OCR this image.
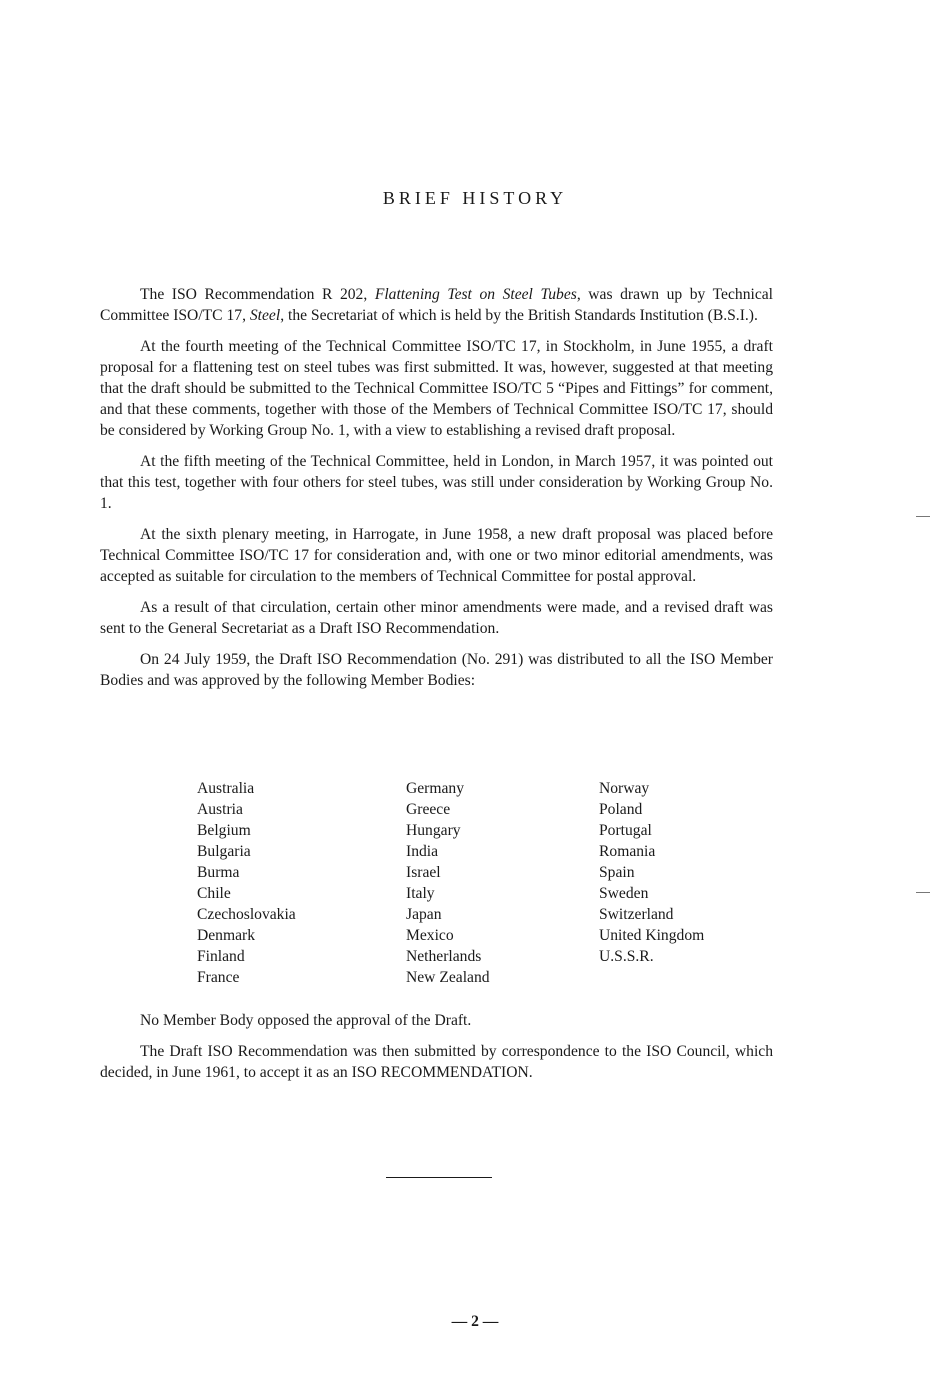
BRIEF HISTORY

The ISO Recommendation R 202, Flattening Test on Steel Tubes, was drawn up by Technical Committee ISO/TC 17, Steel, the Secretariat of which is held by the British Standards Institution (B.S.I.).

At the fourth meeting of the Technical Committee ISO/TC 17, in Stockholm, in June 1955, a draft proposal for a flattening test on steel tubes was first submitted. It was, however, suggested at that meeting that the draft should be submitted to the Technical Committee ISO/TC 5 “Pipes and Fittings” for comment, and that these comments, together with those of the Members of Technical Committee ISO/TC 17, should be considered by Working Group No. 1, with a view to establishing a revised draft proposal.

At the fifth meeting of the Technical Committee, held in London, in March 1957, it was pointed out that this test, together with four others for steel tubes, was still under consideration by Working Group No. 1.

At the sixth plenary meeting, in Harrogate, in June 1958, a new draft proposal was placed before Technical Committee ISO/TC 17 for consideration and, with one or two minor editorial amendments, was accepted as suitable for circulation to the members of Technical Committee for postal approval.

As a result of that circulation, certain other minor amendments were made, and a revised draft was sent to the General Secretariat as a Draft ISO Recommendation.

On 24 July 1959, the Draft ISO Recommendation (No. 291) was distributed to all the ISO Member Bodies and was approved by the following Member Bodies:

Australia
Austria
Belgium
Bulgaria
Burma
Chile
Czechoslovakia
Denmark
Finland
France
Germany
Greece
Hungary
India
Israel
Italy
Japan
Mexico
Netherlands
New Zealand
Norway
Poland
Portugal
Romania
Spain
Sweden
Switzerland
United Kingdom
U.S.S.R.

No Member Body opposed the approval of the Draft.

The Draft ISO Recommendation was then submitted by correspondence to the ISO Council, which decided, in June 1961, to accept it as an ISO RECOMMENDATION.

— 2 —
